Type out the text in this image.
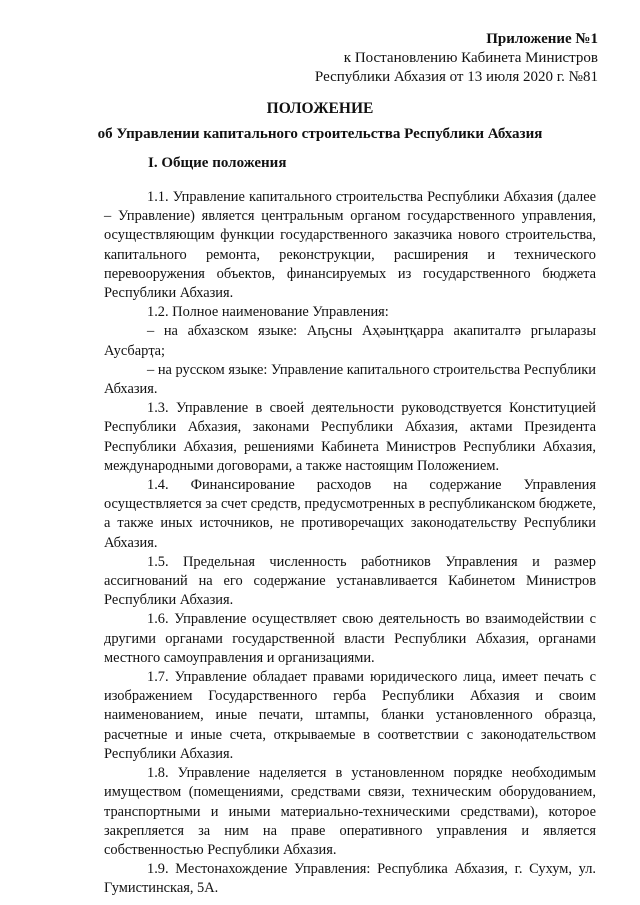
Приложение №1
к Постановлению Кабинета Министров
Республики Абхазия от 13 июля 2020 г. №81
ПОЛОЖЕНИЕ
об Управлении капитального строительства Республики Абхазия
I. Общие положения

1.1. Управление капитального строительства Республики Абхазия (далее – Управление) является центральным органом государственного управления, осуществляющим функции государственного заказчика нового строительства, капитального ремонта, реконструкции, расширения и технического перевооружения объектов, финансируемых из государственного бюджета Республики Абхазия.

1.2. Полное наименование Управления:

– на абхазском языке: Аҧсны Аҳәынҭқарра акапиталтә ргыларазы Аусбарҭа;

– на русском языке: Управление капитального строительства Республики Абхазия.

1.3. Управление в своей деятельности руководствуется Конституцией Республики Абхазия, законами Республики Абхазия, актами Президента Республики Абхазия, решениями Кабинета Министров Республики Абхазия, международными договорами, а также настоящим Положением.

1.4. Финансирование расходов на содержание Управления осуществляется за счет средств, предусмотренных в республиканском бюджете, а также иных источников, не противоречащих законодательству Республики Абхазия.

1.5. Предельная численность работников Управления и размер ассигнований на его содержание устанавливается Кабинетом Министров Республики Абхазия.

1.6. Управление осуществляет свою деятельность во взаимодействии с другими органами государственной власти Республики Абхазия, органами местного самоуправления и организациями.

1.7. Управление обладает правами юридического лица, имеет печать с изображением Государственного герба Республики Абхазия и своим наименованием, иные печати, штампы, бланки установленного образца, расчетные и иные счета, открываемые в соответствии с законодательством Республики Абхазия.

1.8. Управление наделяется в установленном порядке необходимым имуществом (помещениями, средствами связи, техническим оборудованием, транспортными и иными материально-техническими средствами), которое закрепляется за ним на праве оперативного управления и является собственностью Республики Абхазия.

1.9. Местонахождение Управления: Республика Абхазия, г. Сухум, ул. Гумистинская, 5А.
